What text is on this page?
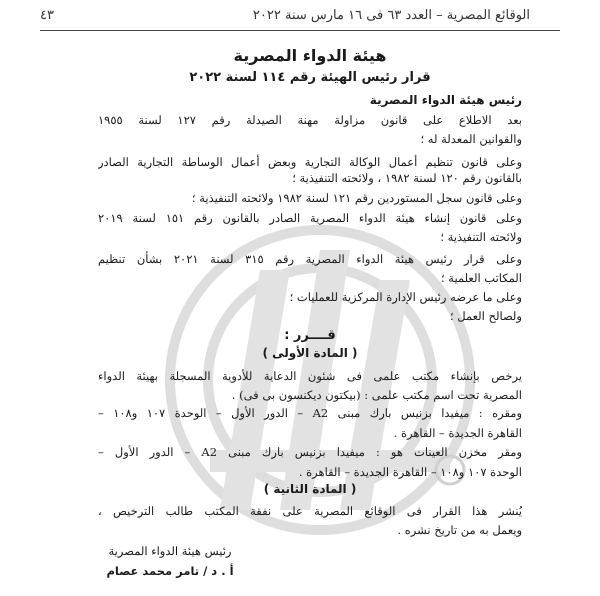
الوقائع المصرية – العدد ٦٣ فى ١٦ مارس سنة ٢٠٢٢
٤٣
هيئة الدواء المصرية
قرار رئيس الهيئة رقم ١١٤ لسنة ٢٠٢٢
رئيس هيئة الدواء المصرية
بعد الاطلاع على قانون مزاولة مهنة الصيدلة رقم ١٢٧ لسنة ١٩٥٥
والقوانين المعدلة له ؛
وعلى قانون تنظيم أعمال الوكالة التجارية وبعض أعمال الوساطة التجارية الصادر
بالقانون رقم ١٢٠ لسنة ١٩٨٢ ، ولائحته التنفيذية ؛
وعلى قانون سجل المستوردين رقم ١٢١ لسنة ١٩٨٢ ولائحته التنفيذية ؛
وعلى قانون إنشاء هيئة الدواء المصرية الصادر بالقانون رقم ١٥١ لسنة ٢٠١٩
ولائحته التنفيذية ؛
وعلى قرار رئيس هيئة الدواء المصرية رقم ٣١٥ لسنة ٢٠٢١ بشأن تنظيم
المكاتب العلمية ؛
وعلى ما عرضه رئيس الإدارة المركزية للعمليات ؛
ولصالح العمل ؛
قــــرر :
( المادة الأولى )
يرخص بإنشاء مكتب علمى فى شئون الدعاية للأدوية المسجلة بهيئة الدواء
المصرية تحت اسم مكتب علمى : (بيكتون ديكنسون بى فى) .
ومقره : ميفيدا بزنيس بارك مبنى A2 – الدور الأول – الوحدة ١٠٧ و١٠٨ –
القاهرة الجديدة – القاهرة .
ومقر مخزن العينات هو : ميفيدا بزنيس بارك مبنى A2 – الدور الأول –
الوحدة ١٠٧ و١٠٨ – القاهرة الجديدة – القاهرة .
( المادة الثانية )
يُنشر هذا القرار فى الوقائع المصرية على نفقة المكتب طالب الترخيص ،
ويعمل به من تاريخ نشره .
رئيس هيئة الدواء المصرية
أ . د / تامر محمد عصام
